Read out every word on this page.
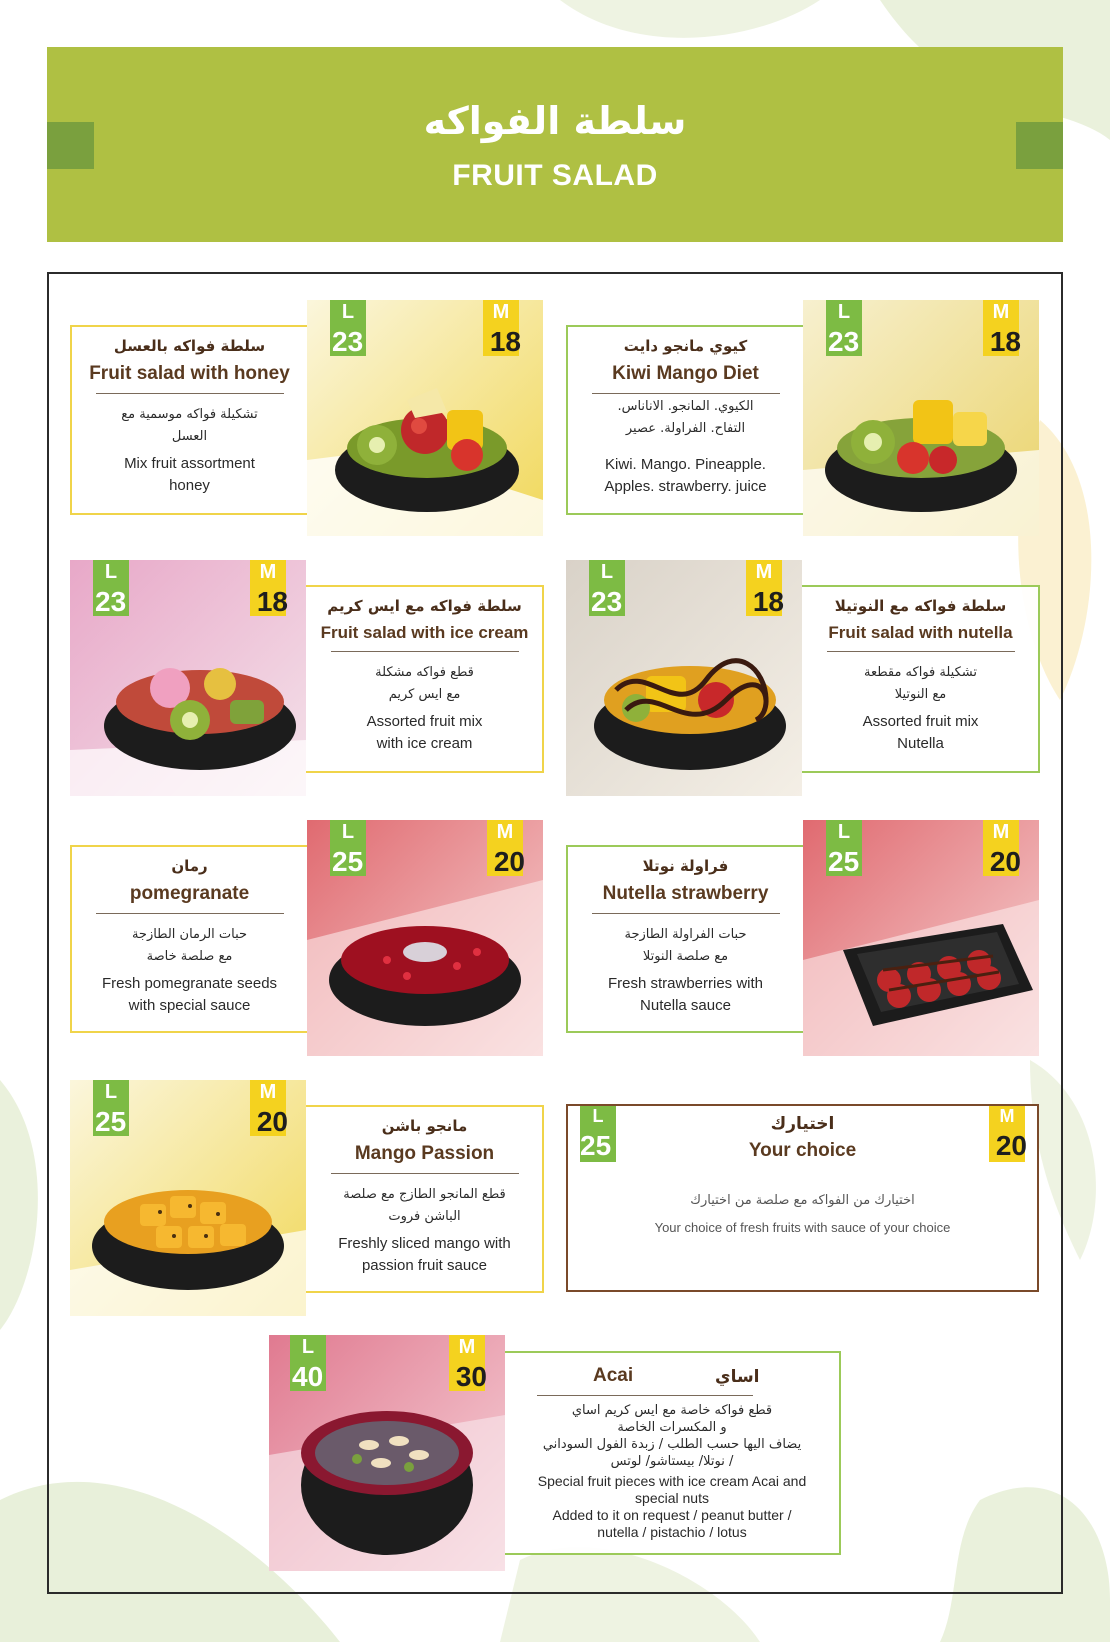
سلطة الفواكه
FRUIT SALAD
L
23
M
18
سلطة فواكه بالعسل
Fruit salad with honey
تشكيلة فواكه موسمية مع
العسل
Mix fruit assortment
honey
L
23
M
18
كيوي مانجو دايت
Kiwi Mango Diet
الكيوي. المانجو. الاناناس.
التفاح. الفراولة. عصير
Kiwi. Mango. Pineapple.
Apples. strawberry. juice
L
23
M
18	سلطة فواكه مع ايس كريم
Fruit salad with ice cream
قطع فواكه مشكلة
مع ايس كريم
Assorted fruit mix
with ice cream
L
23
M
18	سلطة فواكه مع النوتيلا
Fruit salad with nutella
تشكيلة فواكه مقطعة
مع النوتيلا
Assorted fruit mix
Nutella
L
25
M
20
رمان
pomegranate
حبات الرمان الطازجة
مع صلصة خاصة
Fresh pomegranate seeds
with special sauce
L
25
M
20
فراولة نوتلا
Nutella strawberry
حبات الفراولة الطازجة
مع صلصة النوتلا
Fresh strawberries with
Nutella sauce
L
25
M
20	مانجو باشن
Mango Passion
قطع المانجو الطازج مع صلصة
الباشن فروت
Freshly sliced mango with
passion fruit sauce
L
25
M
20
اختيارك
Your choice
اختيارك من الفواكه مع صلصة من اختيارك
Your choice of fresh fruits with sauce of your choice
L
40
M
30	Acai	اساي
قطع فواكه خاصة مع ايس كريم اساي
و المكسرات الخاصة
يضاف اليها حسب الطلب / زبدة الفول السوداني
/ نوتلا/ بيستاشو/ لوتس
Special fruit pieces with ice cream Acai and
special nuts
Added to it on request / peanut butter /
nutella / pistachio / lotus
